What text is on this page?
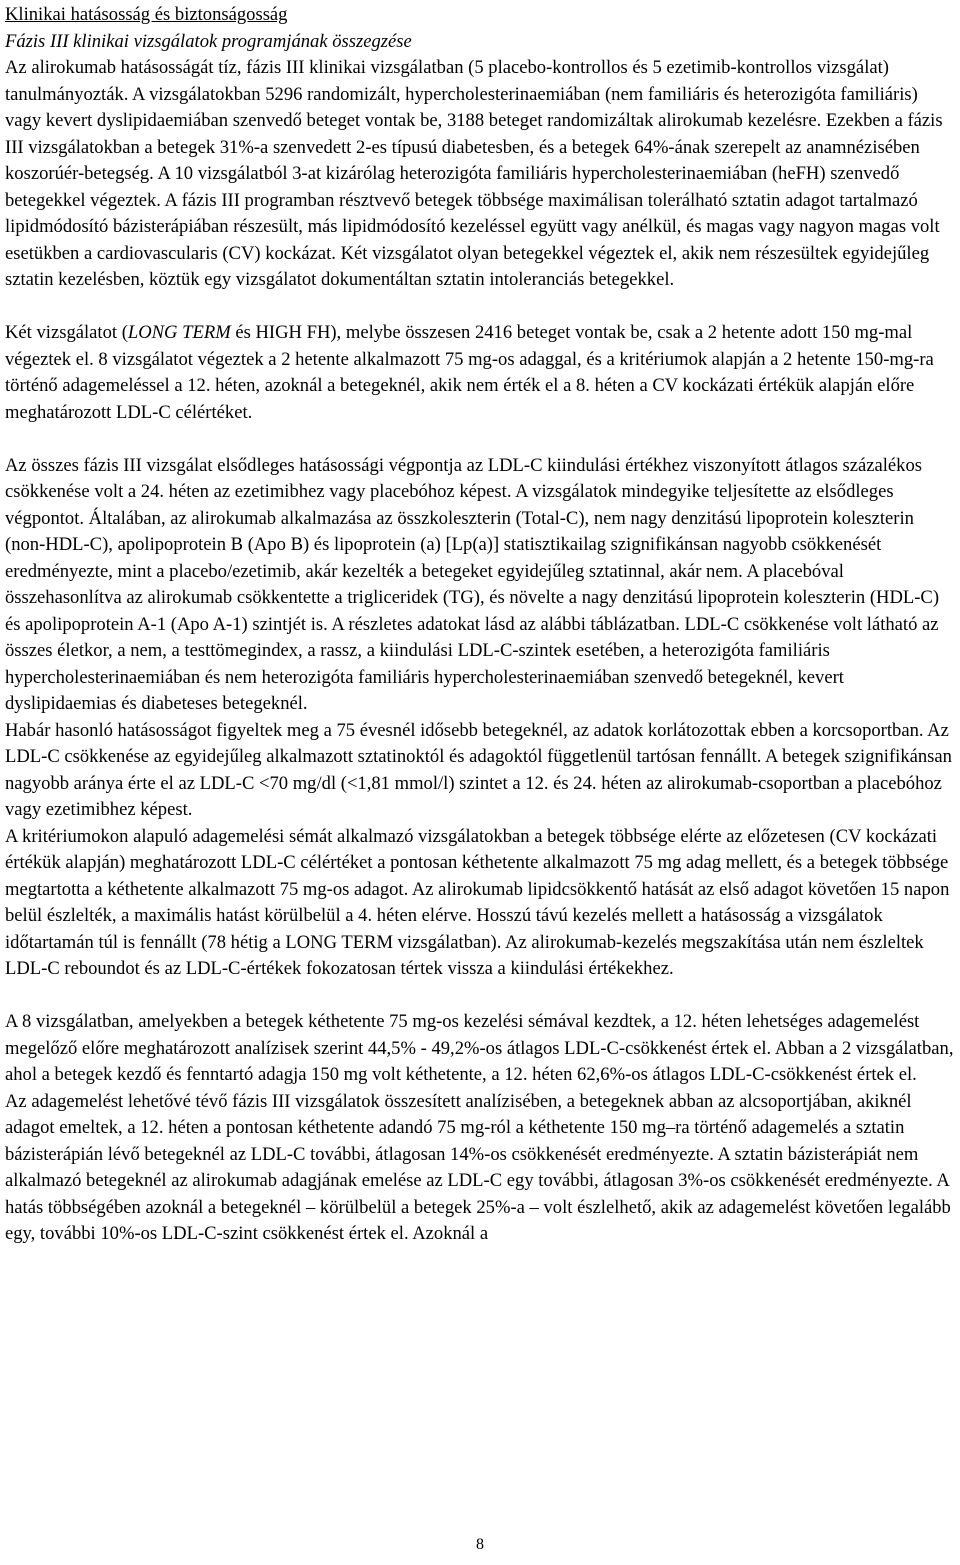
Klinikai hatásosság és biztonságosság
Fázis III klinikai vizsgálatok programjának összegzése

Az alirokumab hatásosságát tíz, fázis III klinikai vizsgálatban (5 placebo-kontrollos és 5 ezetimib-kontrollos vizsgálat) tanulmányozták. A vizsgálatokban 5296 randomizált, hypercholesterinaemiában (nem familiáris és heterozigóta familiáris) vagy kevert dyslipidaemiában szenvedő beteget vontak be, 3188 beteget randomizáltak alirokumab kezelésre. Ezekben a fázis III vizsgálatokban a betegek 31%-a szenvedett 2-es típusú diabetesben, és a betegek 64%-ának szerepelt az anamnézisében koszorúér-betegség. A 10 vizsgálatból 3-at kizárólag heterozigóta familiáris hypercholesterinaemiában (heFH) szenvedő betegekkel végeztek. A fázis III programban résztvevő betegek többsége maximálisan tolerálható sztatin adagot tartalmazó lipidmódosító bázisterápiában részesült, más lipidmódosító kezeléssel együtt vagy anélkül, és magas vagy nagyon magas volt esetükben a cardiovascularis (CV) kockázat. Két vizsgálatot olyan betegekkel végeztek el, akik nem részesültek egyidejűleg sztatin kezelésben, köztük egy vizsgálatot dokumentáltan sztatin intoleranciás betegekkel.

Két vizsgálatot (LONG TERM és HIGH FH), melybe összesen 2416 beteget vontak be, csak a 2 hetente adott 150 mg-mal végeztek el. 8 vizsgálatot végeztek a 2 hetente alkalmazott 75 mg-os adaggal, és a kritériumok alapján a 2 hetente 150-mg-ra történő adagemeléssel a 12. héten, azoknál a betegeknél, akik nem érték el a 8. héten a CV kockázati értékük alapján előre meghatározott LDL-C célértéket.

Az összes fázis III vizsgálat elsődleges hatásossági végpontja az LDL-C kiindulási értékhez viszonyított átlagos százalékos csökkenése volt a 24. héten az ezetimibhez vagy placebóhoz képest. A vizsgálatok mindegyike teljesítette az elsődleges végpontot. Általában, az alirokumab alkalmazása az összkoleszterin (Total-C), nem nagy denzitású lipoprotein koleszterin (non-HDL-C), apolipoprotein B (Apo B) és lipoprotein (a) [Lp(a)] statisztikailag szignifikánsan nagyobb csökkenését eredményezte, mint a placebo/ezetimib, akár kezelték a betegeket egyidejűleg sztatinnal, akár nem. A placebóval összehasonlítva az alirokumab csökkentette a trigliceridek (TG), és növelte a nagy denzitású lipoprotein koleszterin (HDL-C) és apolipoprotein A-1 (Apo A-1) szintjét is. A részletes adatokat lásd az alábbi táblázatban. LDL-C csökkenése volt látható az összes életkor, a nem, a testtömegindex, a rassz, a kiindulási LDL-C-szintek esetében, a heterozigóta familiáris hypercholesterinaemiában és nem heterozigóta familiáris hypercholesterinaemiában szenvedő betegeknél, kevert dyslipidaemias és diabeteses betegeknél.

Habár hasonló hatásosságot figyeltek meg a 75 évesnél idősebb betegeknél, az adatok korlátozottak ebben a korcsoportban. Az LDL-C csökkenése az egyidejűleg alkalmazott sztatinoktól és adagoktól függetlenül tartósan fennállt. A betegek szignifikánsan nagyobb aránya érte el az LDL-C <70 mg/dl (<1,81 mmol/l) szintet a 12. és 24. héten az alirokumab-csoportban a placebóhoz vagy ezetimibhez képest.

A kritériumokon alapuló adagemelési sémát alkalmazó vizsgálatokban a betegek többsége elérte az előzetesen (CV kockázati értékük alapján) meghatározott LDL-C célértéket a pontosan kéthetente alkalmazott 75 mg adag mellett, és a betegek többsége megtartotta a kéthetente alkalmazott 75 mg-os adagot. Az alirokumab lipidcsökkentő hatását az első adagot követően 15 napon belül észlelték, a maximális hatást körülbelül a 4. héten elérve. Hosszú távú kezelés mellett a hatásosság a vizsgálatok időtartamán túl is fennállt (78 hétig a LONG TERM vizsgálatban). Az alirokumab-kezelés megszakítása után nem észleltek LDL-C reboundot és az LDL-C-értékek fokozatosan tértek vissza a kiindulási értékekhez.

A 8 vizsgálatban, amelyekben a betegek kéthetente 75 mg-os kezelési sémával kezdtek, a 12. héten lehetséges adagemelést megelőző előre meghatározott analízisek szerint 44,5% - 49,2%-os átlagos LDL-C-csökkenést értek el. Abban a 2 vizsgálatban, ahol a betegek kezdő és fenntartó adagja 150 mg volt kéthetente, a 12. héten 62,6%-os átlagos LDL-C-csökkenést értek el.

Az adagemelést lehetővé tévő fázis III vizsgálatok összesített analízisében, a betegeknek abban az alcsoportjában, akiknél adagot emeltek, a 12. héten a pontosan kéthetente adandó 75 mg-ról a kéthetente 150 mg–ra történő adagemelés a sztatin bázisterápián lévő betegeknél az LDL-C további, átlagosan 14%-os csökkenését eredményezte. A sztatin bázisterápiát nem alkalmazó betegeknél az alirokumab adagjának emelése az LDL-C egy további, átlagosan 3%-os csökkenését eredményezte. A hatás többségében azoknál a betegeknél – körülbelül a betegek 25%-a – volt észlelhető, akik az adagemelést követően legalább egy, további 10%-os LDL-C-szint csökkenést értek el. Azoknál a

8
